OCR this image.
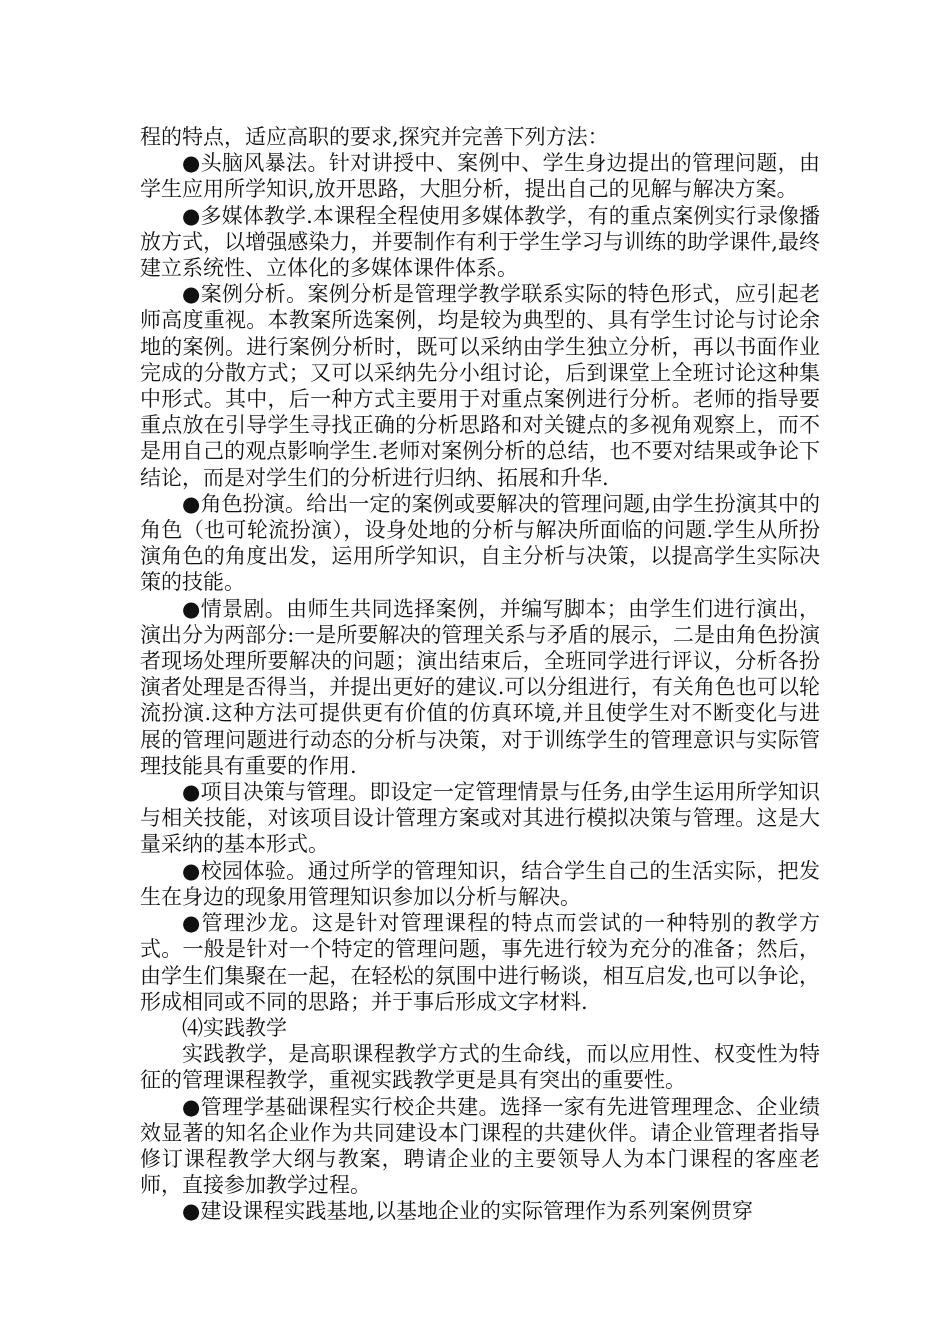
程的特点，适应高职的要求,探究并完善下列方法：

●头脑风暴法。针对讲授中、案例中、学生身边提出的管理问题，由学生应用所学知识,放开思路，大胆分析，提出自己的见解与解决方案。

●多媒体教学.本课程全程使用多媒体教学，有的重点案例实行录像播放方式，以增强感染力，并要制作有利于学生学习与训练的助学课件,最终建立系统性、立体化的多媒体课件体系。

●案例分析。案例分析是管理学教学联系实际的特色形式，应引起老师高度重视。本教案所选案例，均是较为典型的、具有学生讨论与讨论余地的案例。进行案例分析时，既可以采纳由学生独立分析，再以书面作业完成的分散方式；又可以采纳先分小组讨论，后到课堂上全班讨论这种集中形式。其中，后一种方式主要用于对重点案例进行分析。老师的指导要重点放在引导学生寻找正确的分析思路和对关键点的多视角观察上，而不是用自己的观点影响学生.老师对案例分析的总结，也不要对结果或争论下结论，而是对学生们的分析进行归纳、拓展和升华.

●角色扮演。给出一定的案例或要解决的管理问题,由学生扮演其中的角色（也可轮流扮演），设身处地的分析与解决所面临的问题.学生从所扮演角色的角度出发，运用所学知识，自主分析与决策，以提高学生实际决策的技能。

●情景剧。由师生共同选择案例，并编写脚本；由学生们进行演出，演出分为两部分:一是所要解决的管理关系与矛盾的展示，二是由角色扮演者现场处理所要解决的问题；演出结束后，全班同学进行评议，分析各扮演者处理是否得当，并提出更好的建议.可以分组进行，有关角色也可以轮流扮演.这种方法可提供更有价值的仿真环境,并且使学生对不断变化与进展的管理问题进行动态的分析与决策，对于训练学生的管理意识与实际管理技能具有重要的作用.

●项目决策与管理。即设定一定管理情景与任务,由学生运用所学知识与相关技能，对该项目设计管理方案或对其进行模拟决策与管理。这是大量采纳的基本形式。

●校园体验。通过所学的管理知识，结合学生自己的生活实际，把发生在身边的现象用管理知识参加以分析与解决。

●管理沙龙。这是针对管理课程的特点而尝试的一种特别的教学方式。一般是针对一个特定的管理问题，事先进行较为充分的准备；然后，由学生们集聚在一起，在轻松的氛围中进行畅谈，相互启发,也可以争论，形成相同或不同的思路；并于事后形成文字材料.

⑷实践教学

实践教学，是高职课程教学方式的生命线，而以应用性、权变性为特征的管理课程教学，重视实践教学更是具有突出的重要性。

●管理学基础课程实行校企共建。选择一家有先进管理理念、企业绩效显著的知名企业作为共同建设本门课程的共建伙伴。请企业管理者指导修订课程教学大纲与教案，聘请企业的主要领导人为本门课程的客座老师，直接参加教学过程。

●建设课程实践基地,以基地企业的实际管理作为系列案例贯穿
